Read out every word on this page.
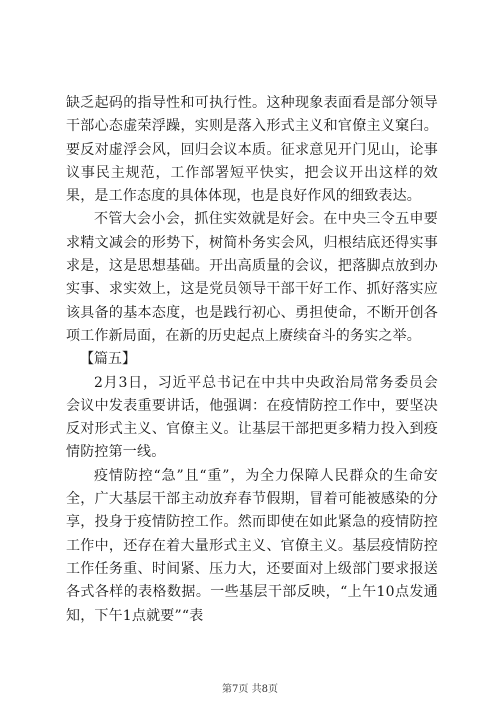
缺乏起码的指导性和可执行性。这种现象表面看是部分领导干部心态虚荣浮躁，实则是落入形式主义和官僚主义窠臼。要反对虚浮会风，回归会议本质。征求意见开门见山，论事议事民主规范，工作部署短平快实，把会议开出这样的效果，是工作态度的具体体现，也是良好作风的细致表达。

不管大会小会，抓住实效就是好会。在中央三令五申要求精文减会的形势下，树简朴务实会风，归根结底还得实事求是，这是思想基础。开出高质量的会议，把落脚点放到办实事、求实效上，这是党员领导干部干好工作、抓好落实应该具备的基本态度，也是践行初心、勇担使命，不断开创各项工作新局面，在新的历史起点上赓续奋斗的务实之举。

【篇五】

2月3日，习近平总书记在中共中央政治局常务委员会会议中发表重要讲话，他强调：在疫情防控工作中，要坚决反对形式主义、官僚主义。让基层干部把更多精力投入到疫情防控第一线。

疫情防控“急”且“重”，为全力保障人民群众的生命安全，广大基层干部主动放弃春节假期，冒着可能被感染的分享，投身于疫情防控工作。然而即使在如此紧急的疫情防控工作中，还存在着大量形式主义、官僚主义。基层疫情防控工作任务重、时间紧、压力大，还要面对上级部门要求报送各式各样的表格数据。一些基层干部反映，“上午10点发通知，下午1点就要”“表

第7页 共8页
